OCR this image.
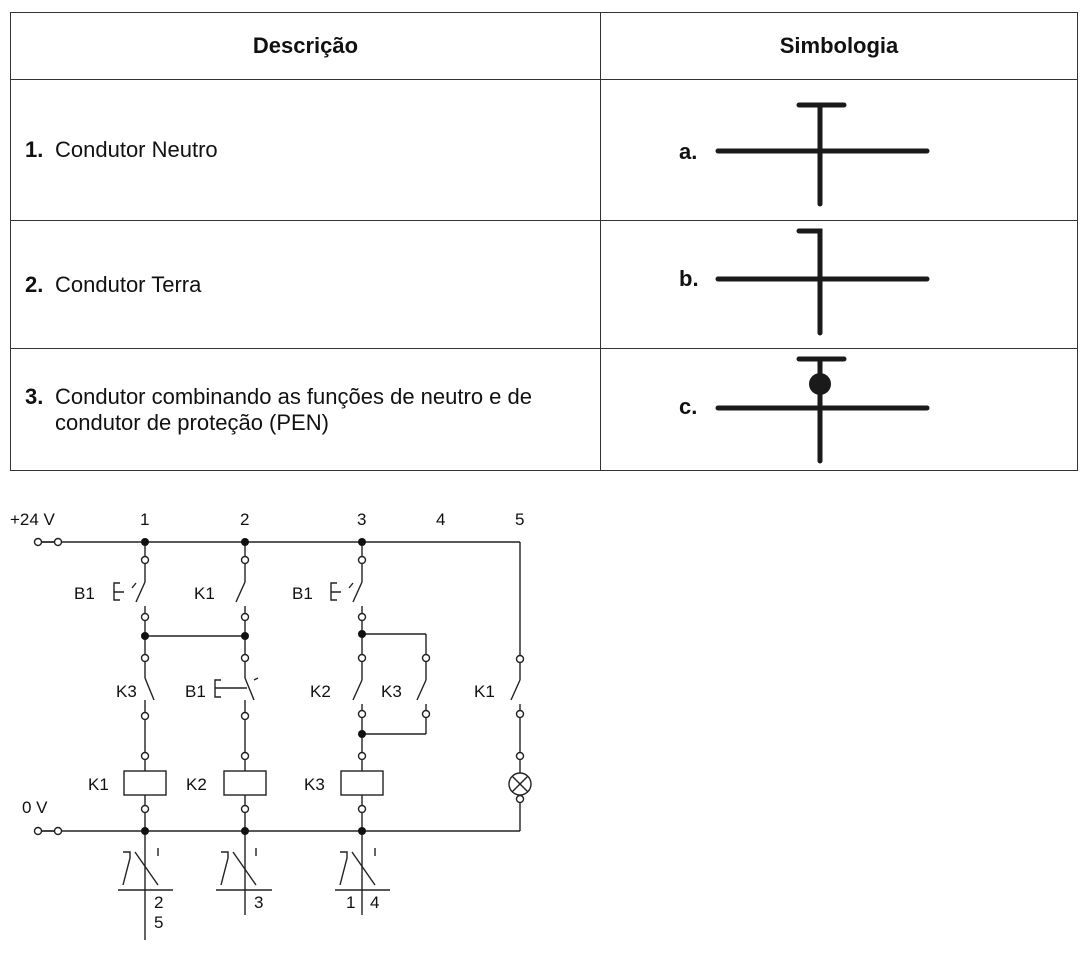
Descrição	Simbologia
1. Condutor Neutro	a.

2. Condutor Terra	b.

3. Condutor combinando as funções de neutro e de condutor de proteção (PEN)	c.
+24 V
0 V
1	2	3	4	5
B1	K1	B1
K3	B1	K2	K3	K1
K1	K2	K3
2
5
3	1 4
